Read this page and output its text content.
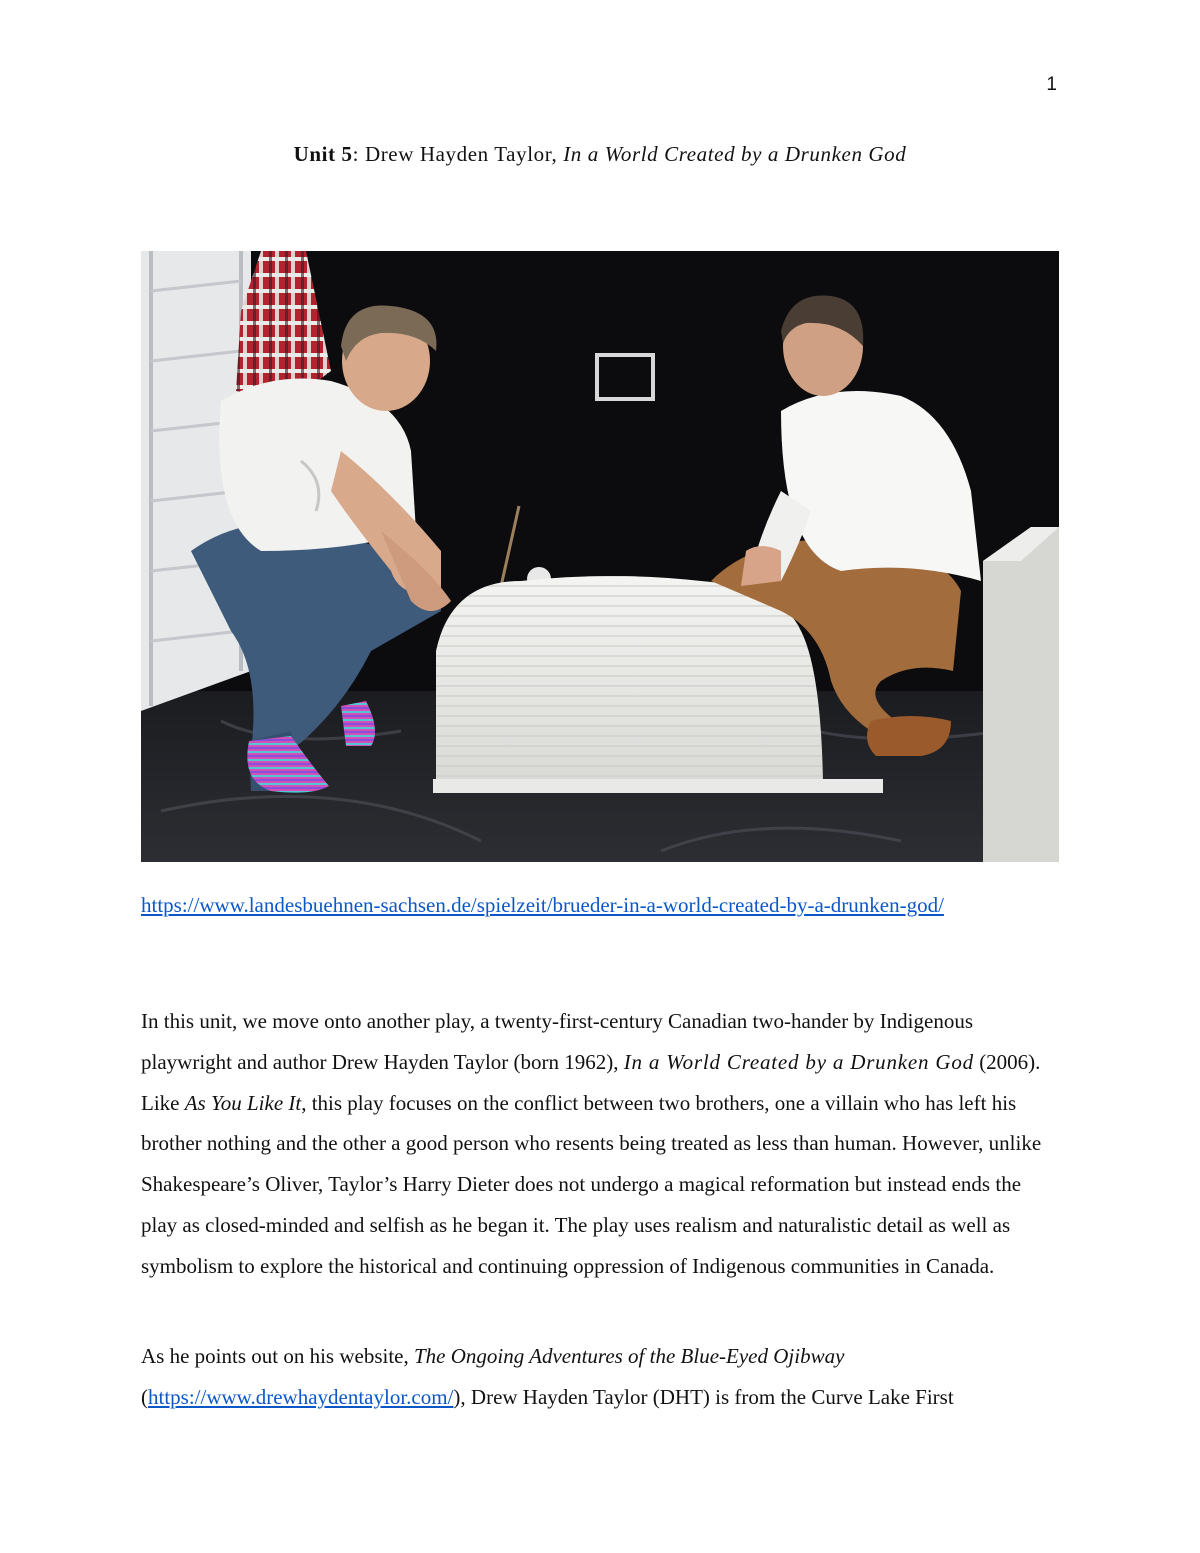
1
Unit 5: Drew Hayden Taylor, In a World Created by a Drunken God
https://www.landesbuehnen-sachsen.de/spielzeit/brueder-in-a-world-created-by-a-drunken-god/

In this unit, we move onto another play, a twenty-first-century Canadian two-hander by Indigenous playwright and author Drew Hayden Taylor (born 1962), In a World Created by a Drunken God (2006). Like As You Like It, this play focuses on the conflict between two brothers, one a villain who has left his brother nothing and the other a good person who resents being treated as less than human. However, unlike Shakespeare’s Oliver, Taylor’s Harry Dieter does not undergo a magical reformation but instead ends the play as closed-minded and selfish as he began it. The play uses realism and naturalistic detail as well as symbolism to explore the historical and continuing oppression of Indigenous communities in Canada.

As he points out on his website, The Ongoing Adventures of the Blue-Eyed Ojibway (https://www.drewhaydentaylor.com/), Drew Hayden Taylor (DHT) is from the Curve Lake First
